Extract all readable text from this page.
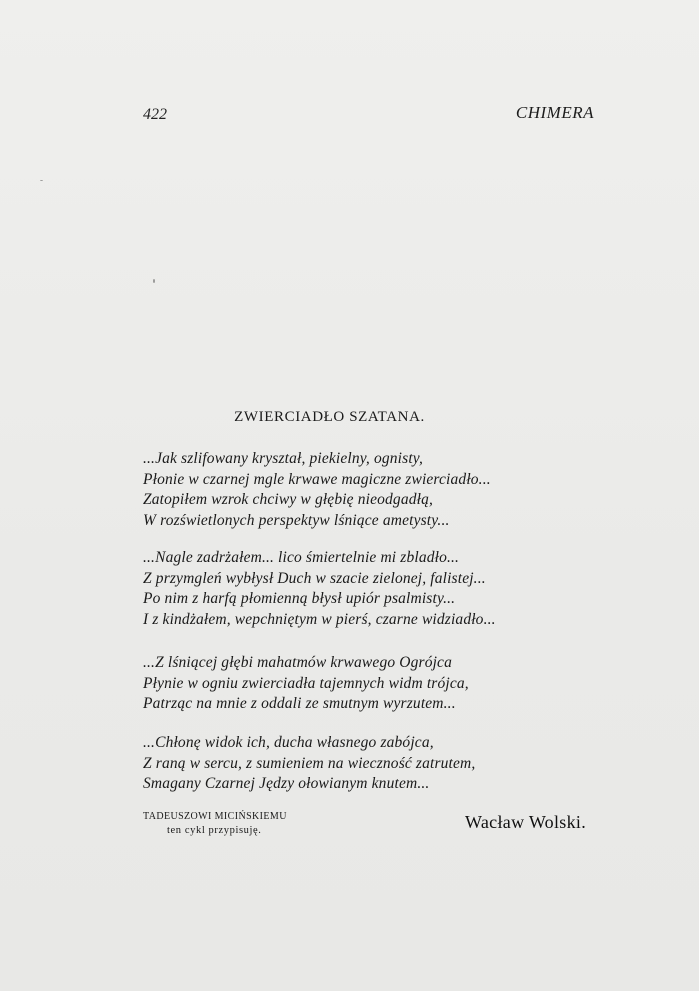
422	CHIMERA
ZWIERCIADŁO SZATANA.
...Jak szlifowany kryształ, piekielny, ognisty,
Płonie w czarnej mgle krwawe magiczne zwierciadło...
Zatopiłem wzrok chciwy w głębię nieodgadłą,
W rozświetlonych perspektyw lśniące ametysty...
...Nagle zadrżałem... lico śmiertelnie mi zbladło...
Z przymgleń wybłysł Duch w szacie zielonej, falistej...
Po nim z harfą płomienną błysł upiór psalmisty...
I z kindżałem, wepchniętym w pierś, czarne widziadło...
...Z lśniącej głębi mahatmów krwawego Ogrójca
Płynie w ogniu zwierciadła tajemnych widm trójca,
Patrząc na mnie z oddali ze smutnym wyrzutem...
...Chłonę widok ich, ducha własnego zabójca,
Z raną w sercu, z sumieniem na wieczność zatrutem,
Smagany Czarnej Jędzy ołowianym knutem...
TADEUSZOWI MICIŃSKIEMU
ten cykl przypisuję.	Wacław Wolski.
